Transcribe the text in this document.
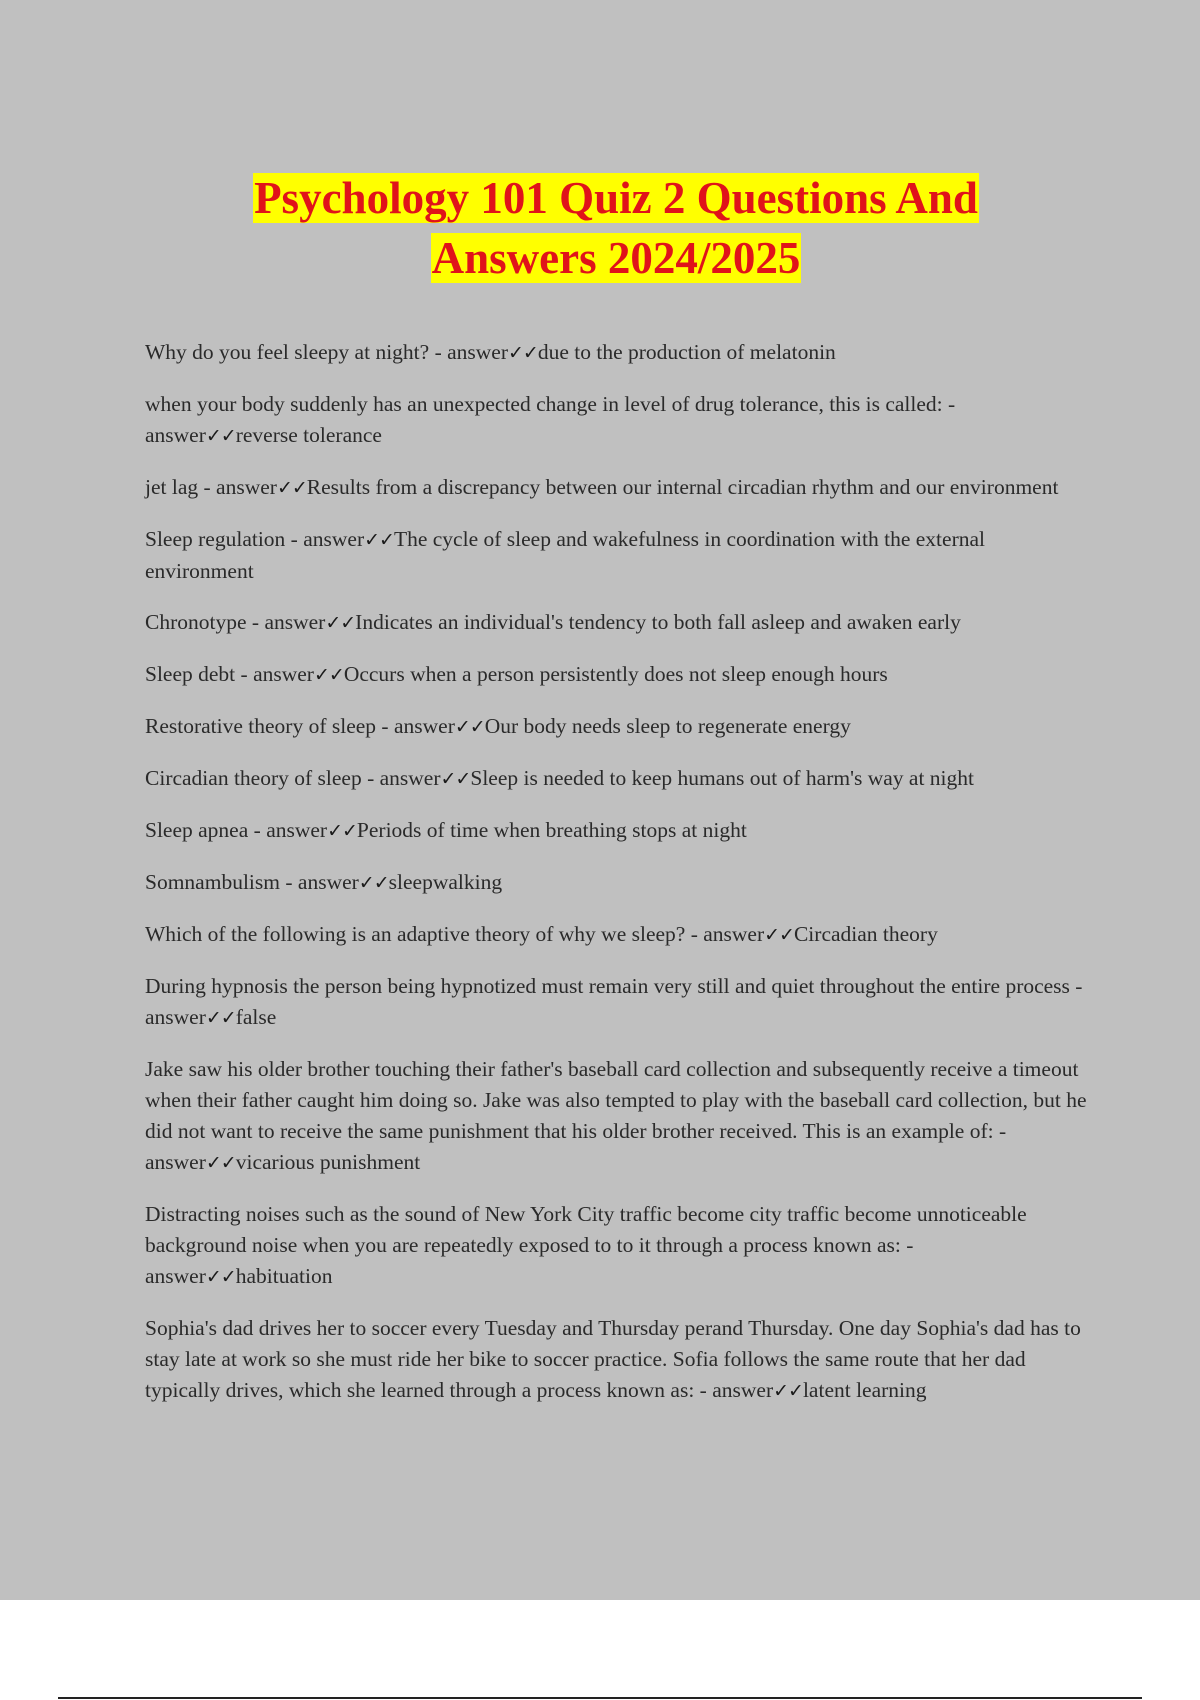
Psychology 101 Quiz 2 Questions And
Answers 2024/2025
Why do you feel sleepy at night? - answer✓✓due to the production of melatonin
when your body suddenly has an unexpected change in level of drug tolerance, this is called: - answer✓✓reverse tolerance
jet lag - answer✓✓Results from a discrepancy between our internal circadian rhythm and our environment
Sleep regulation - answer✓✓The cycle of sleep and wakefulness in coordination with the external environment
Chronotype - answer✓✓Indicates an individual's tendency to both fall asleep and awaken early
Sleep debt - answer✓✓Occurs when a person persistently does not sleep enough hours
Restorative theory of sleep - answer✓✓Our body needs sleep to regenerate energy
Circadian theory of sleep - answer✓✓Sleep is needed to keep humans out of harm's way at night
Sleep apnea - answer✓✓Periods of time when breathing stops at night
Somnambulism - answer✓✓sleepwalking
Which of the following is an adaptive theory of why we sleep? - answer✓✓Circadian theory
During hypnosis the person being hypnotized must remain very still and quiet throughout the entire process - answer✓✓false
Jake saw his older brother touching their father's baseball card collection and subsequently receive a timeout when their father caught him doing so. Jake was also tempted to play with the baseball card collection, but he did not want to receive the same punishment that his older brother received. This is an example of: - answer✓✓vicarious punishment
Distracting noises such as the sound of New York City traffic become city traffic become unnoticeable background noise when you are repeatedly exposed to to it through a process known as: - answer✓✓habituation
Sophia's dad drives her to soccer every Tuesday and Thursday perand Thursday. One day Sophia's dad has to stay late at work so she must ride her bike to soccer practice. Sofia follows the same route that her dad typically drives, which she learned through a process known as: - answer✓✓latent learning
